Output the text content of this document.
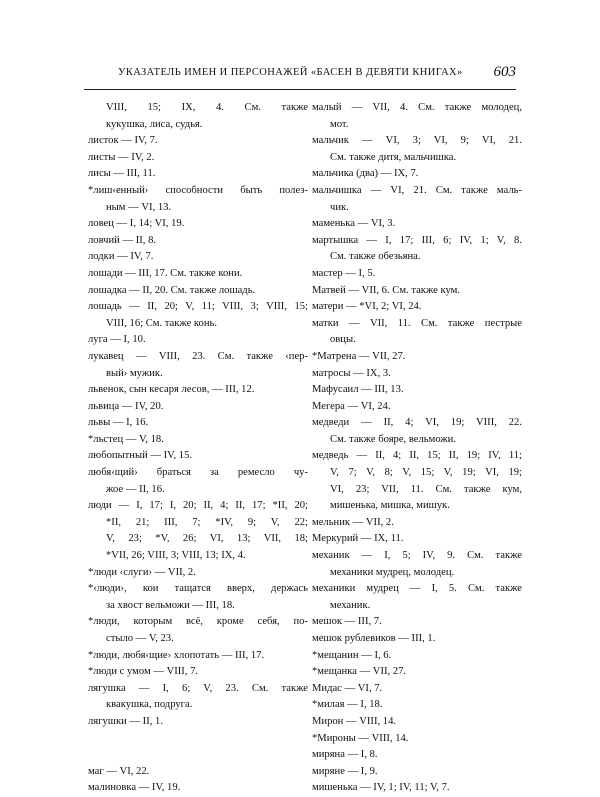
УКАЗАТЕЛЬ ИМЕН И ПЕРСОНАЖЕЙ «БАСЕН В ДЕВЯТИ КНИГАХ» 603
VIII, 15; IX, 4. См. также
кукушка, лиса, судья.
листок — IV, 7.
листы — IV, 2.
лисы — III, 11.
*лиш‹енный› способности быть полез-
ным — VI, 13.
ловец — I, 14; VI, 19.
ловчий — II, 8.
лодки — IV, 7.
лошади — III, 17. См. также кони.
лошадка — II, 20. См. также лошадь.
лошадь — II, 20; V, 11; VIII, 3; VIII, 15;
VIII, 16; См. также конь.
луга — I, 10.
лукавец — VIII, 23. См. также ‹пер-
вый› мужик.
львенок, сын кесаря лесов, — III, 12.
львица — IV, 20.
львы — I, 16.
*льстец — V, 18.
любопытный — IV, 15.
любя‹щий› браться за ремесло чу-
жое — II, 16.
люди — I, 17; I, 20; II, 4; II, 17; *II, 20;
*II, 21; III, 7; *IV, 9; V, 22;
V, 23; *V, 26; VI, 13; VII, 18;
*VII, 26; VIII, 3; VIII, 13; IX, 4.
*люди ‹слуги› — VII, 2.
*‹люди›, кои тащатся вверх, держась
за хвост вельможи — III, 18.
*люди, которым всё, кроме себя, по-
стыло — V, 23.
*люди, любя‹щие› хлопотать — III, 17.
*люди с умом — VIII, 7.
лягушка — I, 6; V, 23. См. также
квакушка, подруга.
лягушки — II, 1.
маг — VI, 22.
малиновка — IV, 19.
малый — VII, 4. См. также молодец,
мот.
мальчик — VI, 3; VI, 9; VI, 21.
См. также дитя, мальчишка.
мальчика (два) — IX, 7.
мальчишка — VI, 21. См. также маль-
чик.
маменька — VI, 3.
мартышка — I, 17; III, 6; IV, 1; V, 8.
См. также обезьяна.
мастер — I, 5.
Матвей — VII, 6. См. также кум.
матери — *VI, 2; VI, 24.
матки — VII, 11. См. также пестрые
овцы.
*Матрена — VII, 27.
матросы — IX, 3.
Мафусаил — III, 13.
Мегера — VI, 24.
медведи — II, 4; VI, 19; VIII, 22.
См. также бояре, вельможи.
медведь — II, 4; II, 15; II, 19; IV, 11;
V, 7; V, 8; V, 15; V, 19; VI, 19;
VI, 23; VII, 11. См. также кум,
мишенька, мишка, мишук.
мельник — VII, 2.
Меркурий — IX, 11.
механик — I, 5; IV, 9. См. также
механики мудрец, молодец.
механики мудрец — I, 5. См. также
механик.
мешок — III, 7.
мешок рублевиков — III, 1.
*мещанин — I, 6.
*мещанка — VII, 27.
Мидас — VI, 7.
*милая — I, 18.
Мирон — VIII, 14.
*Мироны — VIII, 14.
миряна — I, 8.
миряне — I, 9.
мишенька — IV, 1; IV, 11; V, 7.
